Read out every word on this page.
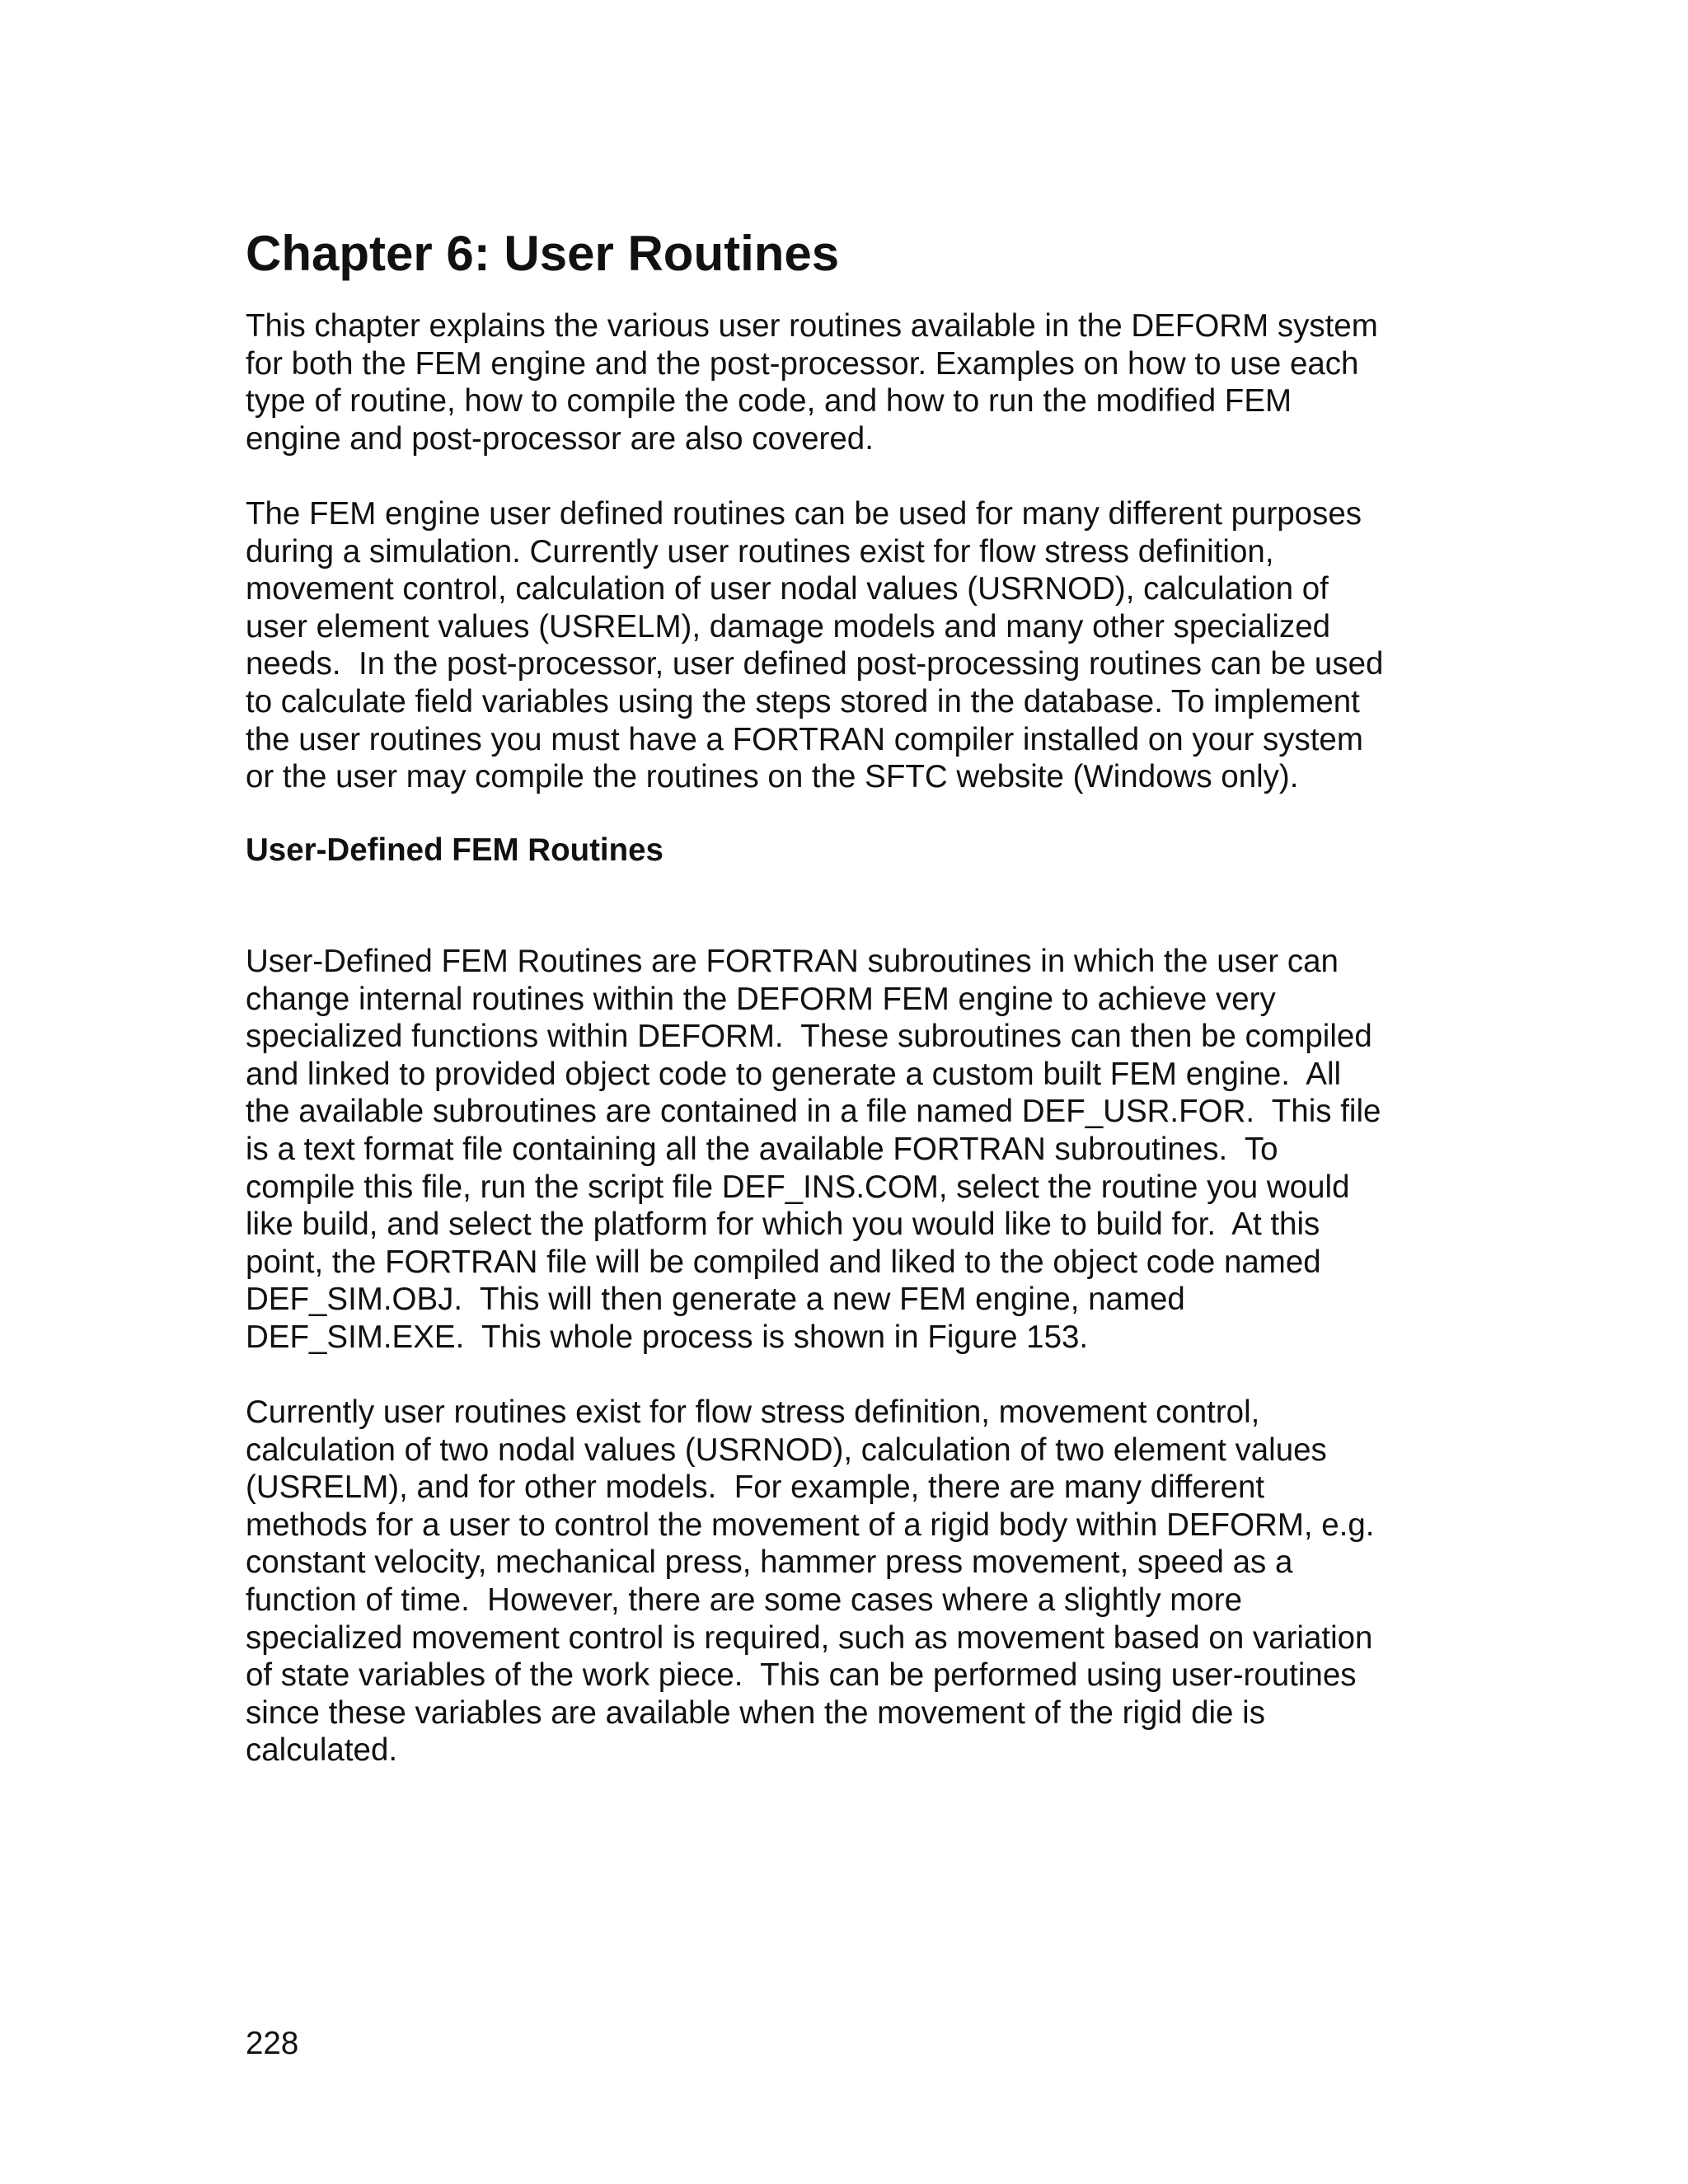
Chapter 6: User Routines

This chapter explains the various user routines available in the DEFORM system
for both the FEM engine and the post-processor. Examples on how to use each
type of routine, how to compile the code, and how to run the modified FEM
engine and post-processor are also covered.

The FEM engine user defined routines can be used for many different purposes
during a simulation. Currently user routines exist for flow stress definition,
movement control, calculation of user nodal values (USRNOD), calculation of
user element values (USRELM), damage models and many other specialized
needs.  In the post-processor, user defined post-processing routines can be used
to calculate field variables using the steps stored in the database. To implement
the user routines you must have a FORTRAN compiler installed on your system
or the user may compile the routines on the SFTC website (Windows only).

User-Defined FEM Routines

User-Defined FEM Routines are FORTRAN subroutines in which the user can
change internal routines within the DEFORM FEM engine to achieve very
specialized functions within DEFORM.  These subroutines can then be compiled
and linked to provided object code to generate a custom built FEM engine.  All
the available subroutines are contained in a file named DEF_USR.FOR.  This file
is a text format file containing all the available FORTRAN subroutines.  To
compile this file, run the script file DEF_INS.COM, select the routine you would
like build, and select the platform for which you would like to build for.  At this
point, the FORTRAN file will be compiled and liked to the object code named
DEF_SIM.OBJ.  This will then generate a new FEM engine, named
DEF_SIM.EXE.  This whole process is shown in Figure 153.

Currently user routines exist for flow stress definition, movement control,
calculation of two nodal values (USRNOD), calculation of two element values
(USRELM), and for other models.  For example, there are many different
methods for a user to control the movement of a rigid body within DEFORM, e.g.
constant velocity, mechanical press, hammer press movement, speed as a
function of time.  However, there are some cases where a slightly more
specialized movement control is required, such as movement based on variation
of state variables of the work piece.  This can be performed using user-routines
since these variables are available when the movement of the rigid die is
calculated.

228
